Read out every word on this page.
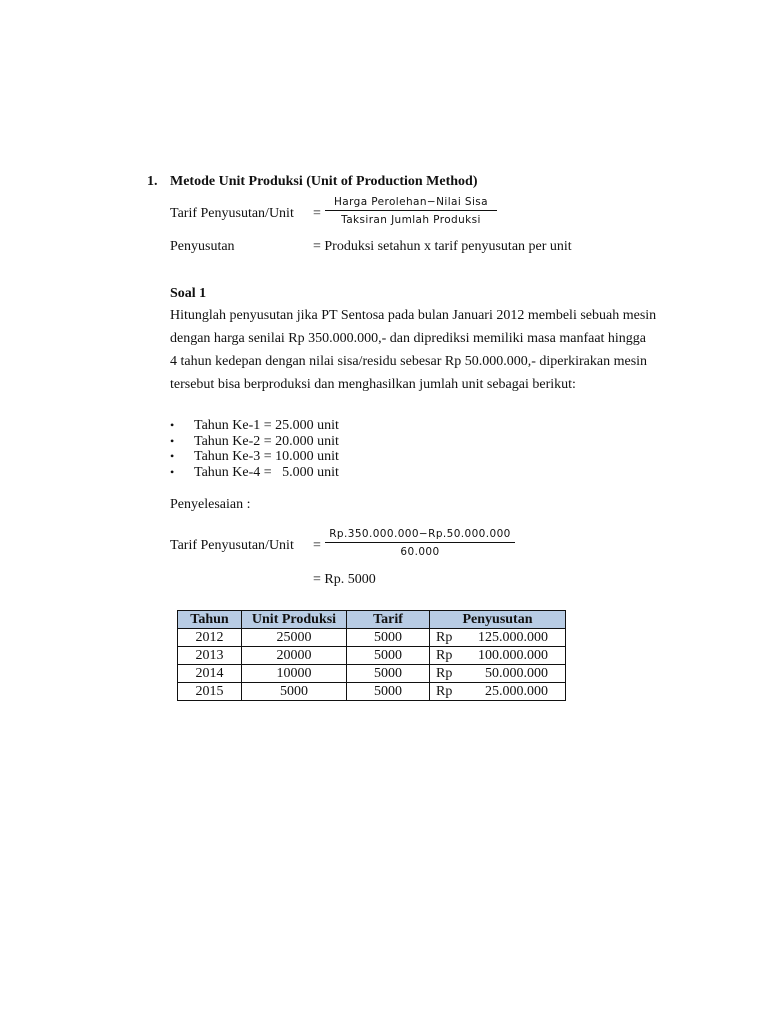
1. Metode Unit Produksi (Unit of Production Method)
Tarif Penyusutan/Unit =
Harga Perolehan−Nilai Sisa
Taksiran Jumlah Produksi
Penyusutan	= Produksi setahun x tarif penyusutan per unit
Soal 1
Hitunglah penyusutan jika PT Sentosa pada bulan Januari 2012 membeli sebuah mesin
dengan harga senilai Rp 350.000.000,- dan diprediksi memiliki masa manfaat hingga
4 tahun kedepan dengan nilai sisa/residu sebesar Rp 50.000.000,- diperkirakan mesin
tersebut bisa berproduksi dan menghasilkan jumlah unit sebagai berikut:
• Tahun Ke-1 = 25.000 unit
• Tahun Ke-2 = 20.000 unit
• Tahun Ke-3 = 10.000 unit
• Tahun Ke-4 =   5.000 unit
Penyelesaian :
Tarif Penyusutan/Unit =
Rp.350.000.000−Rp.50.000.000
60.000
= Rp. 5000
Tahun	Unit Produksi	Tarif	Penyusutan
2012	25000	5000	Rp 125.000.000
2013	20000	5000	Rp 100.000.000
2014	10000	5000	Rp 50.000.000
2015	5000	5000	Rp 25.000.000
